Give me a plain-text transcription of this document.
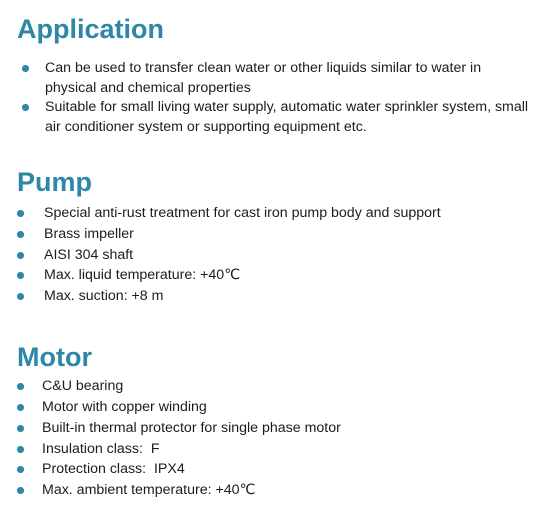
Application
Can be used to transfer clean water or other liquids similar to water in physical and chemical properties
Suitable for small living water supply, automatic water sprinkler system, small air conditioner system or supporting equipment etc.
Pump
Special anti-rust treatment for cast iron pump body and support
Brass impeller
AISI 304 shaft
Max. liquid temperature: +40℃
Max. suction: +8 m
Motor
C&U bearing
Motor with copper winding
Built-in thermal protector for single phase motor
Insulation class:  F
Protection class:  IPX4
Max. ambient temperature: +40℃
